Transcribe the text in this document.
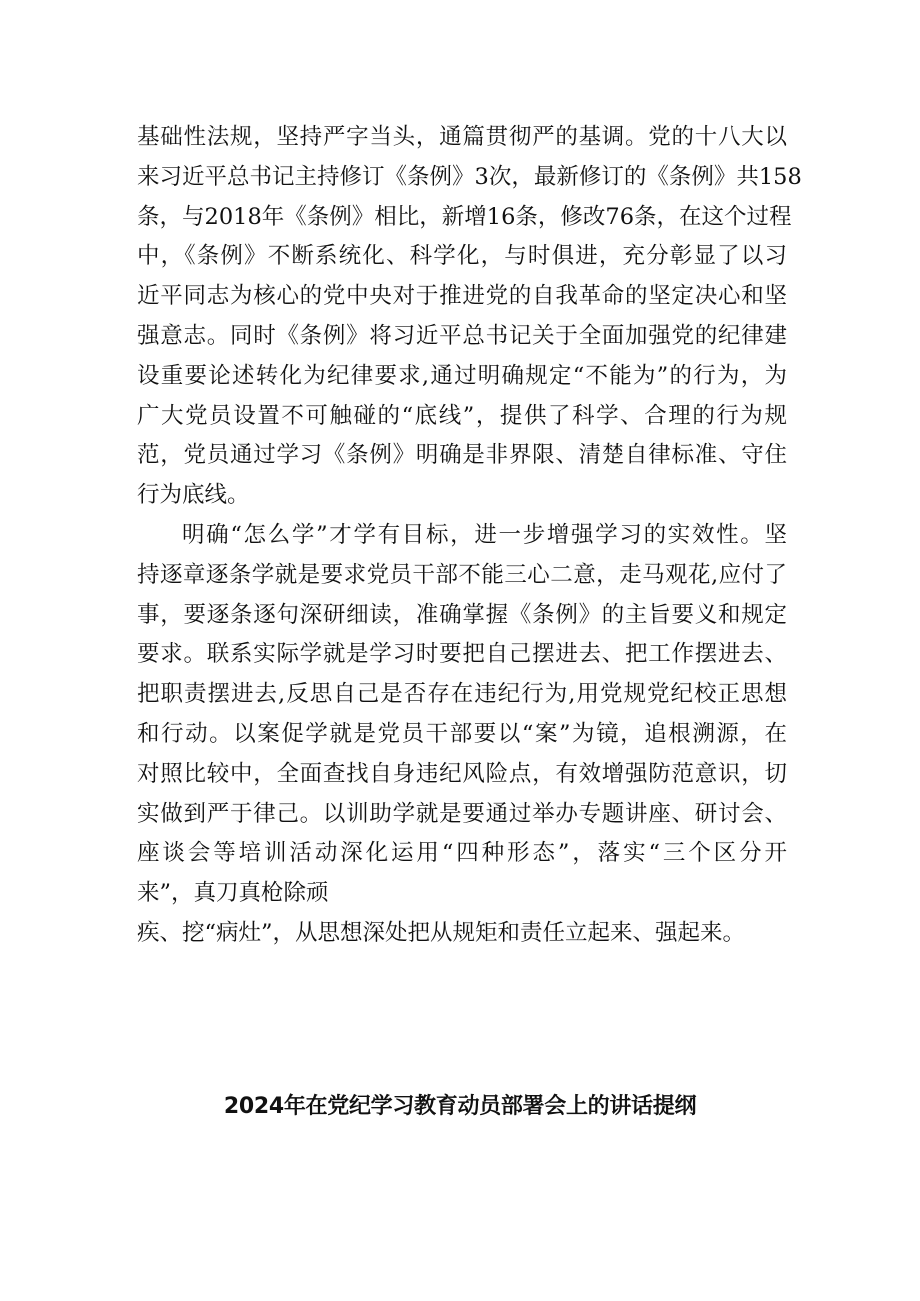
基础性法规，坚持严字当头，通篇贯彻严的基调。党的十八大以
来习近平总书记主持修订《条例》3次，最新修订的《条例》共158
条，与2018年《条例》相比，新增16条，修改76条，在这个过程
中，《条例》不断系统化、科学化，与时俱进，充分彰显了以习
近平同志为核心的党中央对于推进党的自我革命的坚定决心和坚
强意志。同时《条例》将习近平总书记关于全面加强党的纪律建
设重要论述转化为纪律要求,通过明确规定“不能为”的行为，为
广大党员设置不可触碰的“底线”，提供了科学、合理的行为规
范，党员通过学习《条例》明确是非界限、清楚自律标准、守住
行为底线。
明确“怎么学”才学有目标，进一步增强学习的实效性。坚
持逐章逐条学就是要求党员干部不能三心二意，走马观花,应付了
事，要逐条逐句深研细读，准确掌握《条例》的主旨要义和规定
要求。联系实际学就是学习时要把自己摆进去、把工作摆进去、
把职责摆进去,反思自己是否存在违纪行为,用党规党纪校正思想
和行动。以案促学就是党员干部要以“案”为镜，追根溯源，在
对照比较中，全面查找自身违纪风险点，有效增强防范意识，切
实做到严于律己。以训助学就是要通过举办专题讲座、研讨会、
座谈会等培训活动深化运用“四种形态”，落实“三个区分开
来”，真刀真枪除顽
疾、挖“病灶”，从思想深处把从规矩和责任立起来、强起来。
2024年在党纪学习教育动员部署会上的讲话提纲
